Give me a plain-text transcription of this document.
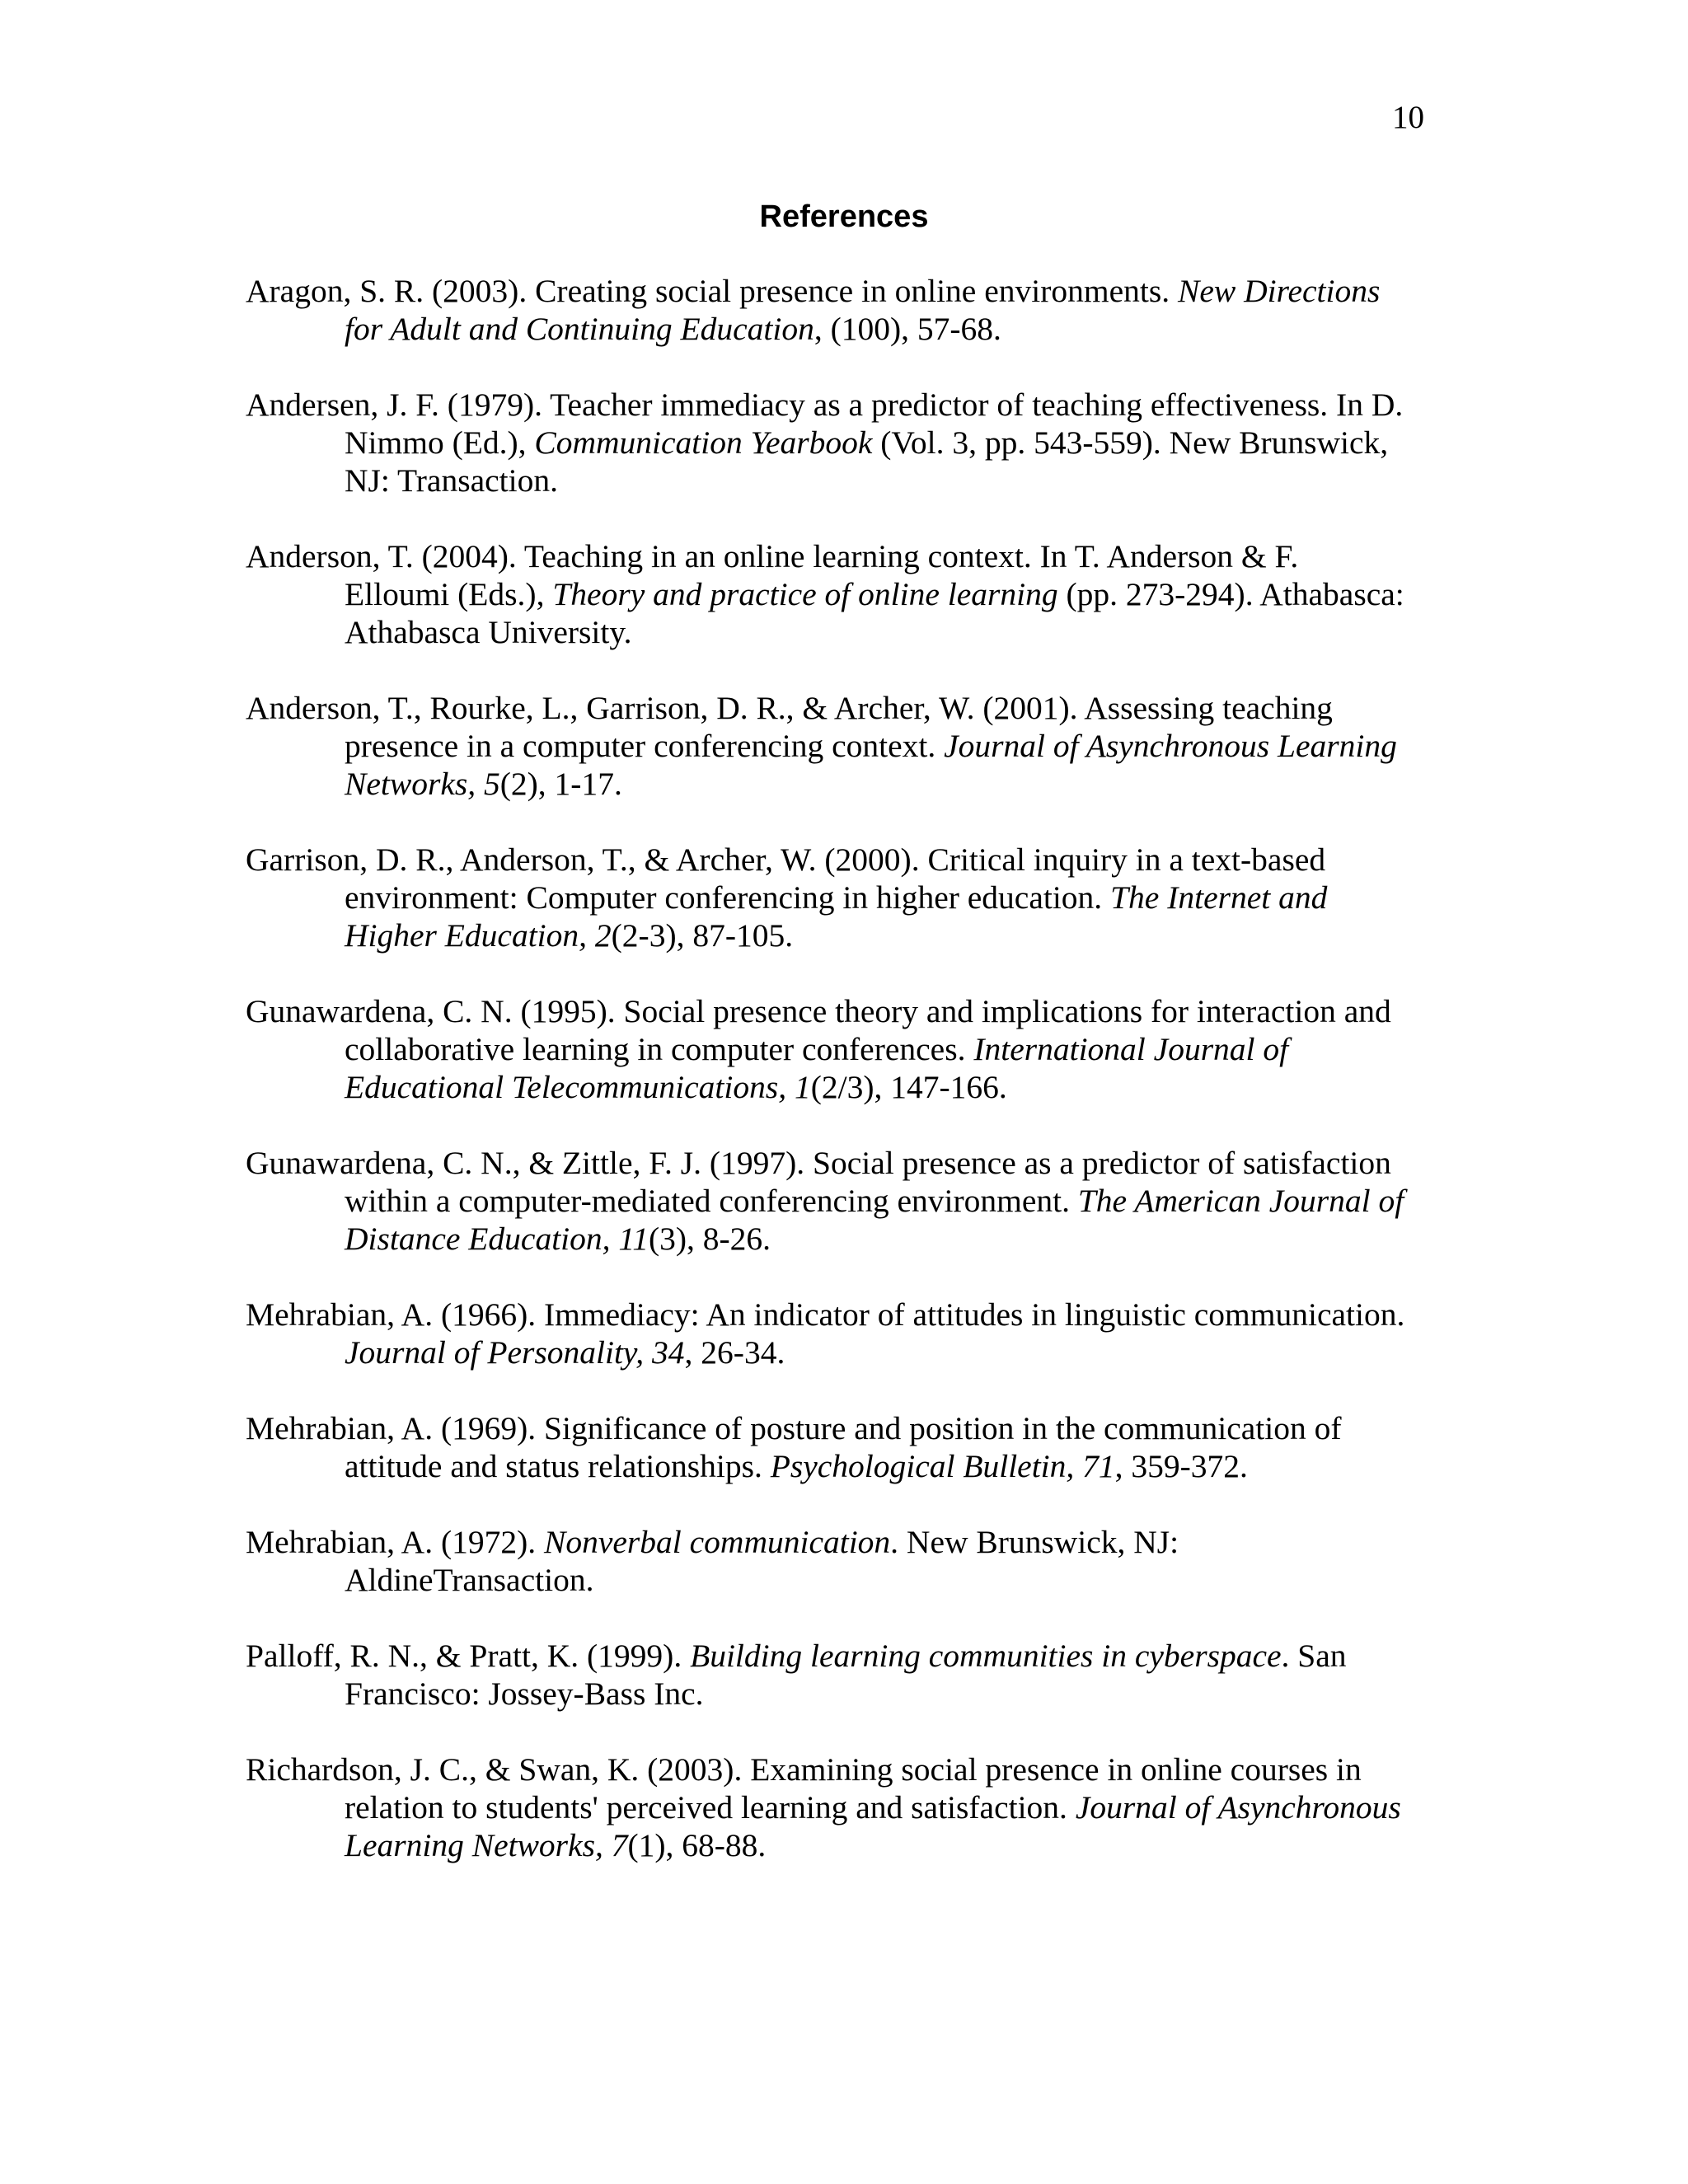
10
References
Aragon, S. R. (2003). Creating social presence in online environments. New Directions
for Adult and Continuing Education, (100), 57-68.
Andersen, J. F. (1979). Teacher immediacy as a predictor of teaching effectiveness. In D.
Nimmo (Ed.), Communication Yearbook (Vol. 3, pp. 543-559). New Brunswick,
NJ: Transaction.
Anderson, T. (2004). Teaching in an online learning context. In T. Anderson & F.
Elloumi (Eds.), Theory and practice of online learning (pp. 273-294). Athabasca:
Athabasca University.
Anderson, T., Rourke, L., Garrison, D. R., & Archer, W. (2001). Assessing teaching
presence in a computer conferencing context. Journal of Asynchronous Learning
Networks, 5(2), 1-17.
Garrison, D. R., Anderson, T., & Archer, W. (2000). Critical inquiry in a text-based
environment: Computer conferencing in higher education. The Internet and
Higher Education, 2(2-3), 87-105.
Gunawardena, C. N. (1995). Social presence theory and implications for interaction and
collaborative learning in computer conferences. International Journal of
Educational Telecommunications, 1(2/3), 147-166.
Gunawardena, C. N., & Zittle, F. J. (1997). Social presence as a predictor of satisfaction
within a computer-mediated conferencing environment. The American Journal of
Distance Education, 11(3), 8-26.
Mehrabian, A. (1966). Immediacy: An indicator of attitudes in linguistic communication.
Journal of Personality, 34, 26-34.
Mehrabian, A. (1969). Significance of posture and position in the communication of
attitude and status relationships. Psychological Bulletin, 71, 359-372.
Mehrabian, A. (1972). Nonverbal communication. New Brunswick, NJ:
AldineTransaction.
Palloff, R. N., & Pratt, K. (1999). Building learning communities in cyberspace. San
Francisco: Jossey-Bass Inc.
Richardson, J. C., & Swan, K. (2003). Examining social presence in online courses in
relation to students' perceived learning and satisfaction. Journal of Asynchronous
Learning Networks, 7(1), 68-88.
